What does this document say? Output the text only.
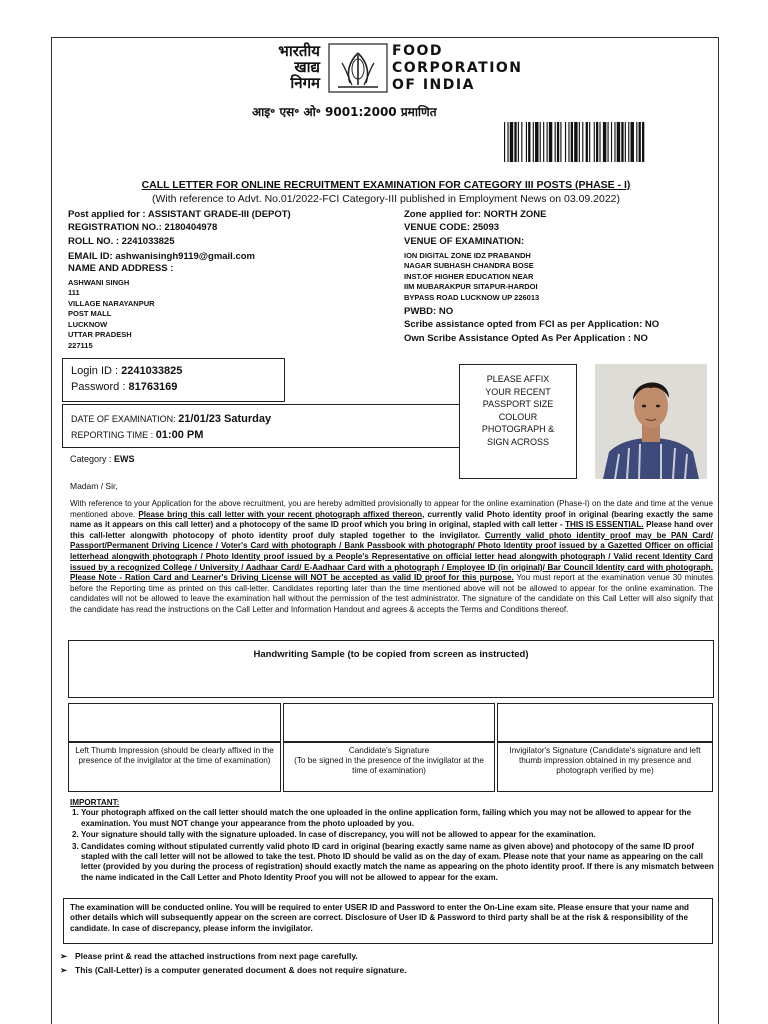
भारतीय
खाद्य
निगम
FOOD
CORPORATION
OF INDIA
आइ॰ एस॰ ओ॰ 9001:2000 प्रमाणित
CALL LETTER FOR ONLINE RECRUITMENT EXAMINATION FOR CATEGORY III POSTS (PHASE - I)
(With reference to Advt. No.01/2022-FCI Category-III published in Employment News on 03.09.2022)
Post applied for : ASSISTANT GRADE-III (DEPOT)
REGISTRATION NO.: 2180404978
ROLL NO. : 2241033825
EMAIL ID: ashwanisingh9119@gmail.com
NAME AND ADDRESS :
ASHWANI SINGH
111
VILLAGE NARAYANPUR
POST MALL
LUCKNOW
UTTAR PRADESH
227115
Zone applied for: NORTH ZONE
VENUE CODE: 25093
VENUE OF EXAMINATION:
ION DIGITAL ZONE IDZ PRABANDH
NAGAR SUBHASH CHANDRA BOSE
INST.OF HIGHER EDUCATION NEAR
IIM MUBARAKPUR SITAPUR-HARDOI
BYPASS ROAD LUCKNOW UP 226013
PWBD: NO
Scribe assistance opted from FCI as per Application: NO
Own Scribe Assistance Opted As Per Application : NO
Login ID : 2241033825
Password : 81763169
DATE OF EXAMINATION: 21/01/23 Saturday
REPORTING TIME : 01:00 PM
PLEASE AFFIX
YOUR RECENT
PASSPORT SIZE
COLOUR
PHOTOGRAPH &
SIGN ACROSS
Category : EWS
Madam / Sir,
With reference to your Application for the above recruitment, you are hereby admitted provisionally to appear for the online examination (Phase-I) on the date and time at the venue mentioned above. Please bring this call letter with your recent photograph affixed thereon, currently valid Photo identity proof in original (bearing exactly the same name as it appears on this call letter) and a photocopy of the same ID proof which you bring in original, stapled with call letter - THIS IS ESSENTIAL. Please hand over this call-letter alongwith photocopy of photo identity proof duly stapled together to the invigilator. Currently valid photo identity proof may be PAN Card/ Passport/Permanent Driving Licence / Voter's Card with photograph / Bank Passbook with photograph/ Photo Identity proof issued by a Gazetted Officer on official letterhead alongwith photograph / Photo Identity proof issued by a People's Representative on official letter head alongwith photograph / Valid recent Identity Card issued by a recognized College / University / Aadhaar Card/ E-Aadhaar Card with a photograph / Employee ID (in original)/ Bar Council Identity card with photograph. Please Note - Ration Card and Learner's Driving License will NOT be accepted as valid ID proof for this purpose. You must report at the examination venue 30 minutes before the Reporting time as printed on this call-letter. Candidates reporting later than the time mentioned above will not be allowed to appear for the online examination. The candidates will not be allowed to leave the examination hall without the permission of the test administrator. The signature of the candidate on this Call Letter will also signify that the candidate has read the instructions on the Call Letter and Information Handout and agrees & accepts the Terms and Conditions thereof.
Handwriting Sample (to be copied from screen as instructed)
Left Thumb Impression (should be clearly affixed in the presence of the invigilator at the time of examination)
Candidate's Signature
(To be signed in the presence of the invigilator at the time of examination)
Invigilator's Signature (Candidate's signature and left thumb impression obtained in my presence and photograph verified by me)
IMPORTANT:
1. Your photograph affixed on the call letter should match the one uploaded in the online application form, failing which you may not be allowed to appear for the examination. You must NOT change your appearance from the photo uploaded by you.
2. Your signature should tally with the signature uploaded. In case of discrepancy, you will not be allowed to appear for the examination.
3. Candidates coming without stipulated currently valid photo ID card in original (bearing exactly same name as given above) and photocopy of the same ID proof stapled with the call letter will not be allowed to take the test. Photo ID should be valid as on the day of exam. Please note that your name as appearing on the call letter (provided by you during the process of registration) should exactly match the name as appearing on the photo identity proof. If there is any mismatch between the name indicated in the Call Letter and Photo Identity Proof you will not be allowed to appear for the exam.
The examination will be conducted online. You will be required to enter USER ID and Password to enter the On-Line exam site. Please ensure that your name and other details which will subsequently appear on the screen are correct. Disclosure of User ID & Password to third party shall be at the risk & responsibility of the candidate. In case of discrepancy, please inform the invigilator.
➢ Please print & read the attached instructions from next page carefully.
➢ This (Call-Letter) is a computer generated document & does not require signature.
